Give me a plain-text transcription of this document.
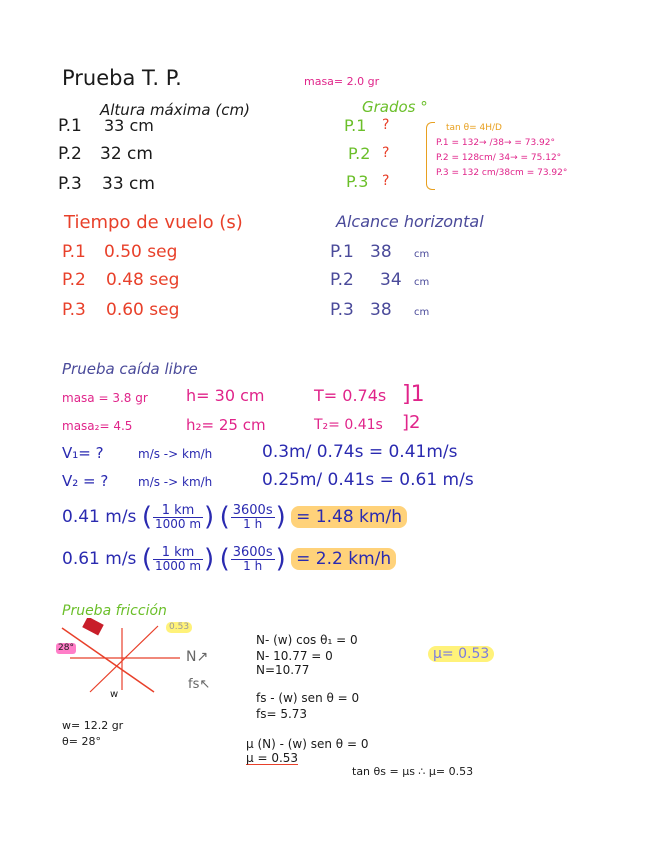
Prueba T. P.	masa= 2.0 gr
Altura máxima (cm)
P.1 33 cm
P.2 32 cm
P.3 33 cm
Grados °
P.1 ?
P.2 ?
P.3 ?
tan θ= 4H/D
P.1 = 132→ /38→ = 73.92°
P.2 = 128cm/ 34→ = 75.12°
P.3 = 132 cm/38cm = 73.92°
Tiempo de vuelo (s)
P.1 0.50 seg
P.2 0.48 seg
P.3 0.60 seg
Alcance horizontal
P.1 38 cm
P.2 34 cm
P.3 38 cm
Prueba caída libre
masa = 3.8 gr h= 30 cm	T= 0.74s ]1
masa₂= 4.5	h₂= 25 cm	T₂= 0.41s ]2
V₁= ?	m/s -> km/h	0.3m/ 0.74s = 0.41m/s
V₂ = ? m/s -> km/h	0.25m/ 0.41s = 0.61 m/s
0.41 m/s ( $\frac{1 km}{1000 m}$ ) ( $\frac{3600s}{1 h}$ ) = 1.48 km/h
0.61 m/s ( $\frac{1 km}{1000 m}$ ) ( $\frac{3600s}{1 h}$ ) = 2.2 km/h
Prueba fricción
28°
0.53
w
N↗
fs↖
w= 12.2 gr
θ= 28°
N- (w) cos θ₁ = 0
N- 10.77 = 0
N=10.77
fs - (w) sen θ = 0
fs= 5.73
μ (N) - (w) sen θ = 0
μ = 0.53
tan θs = μs ∴ μ= 0.53
μ= 0.53
